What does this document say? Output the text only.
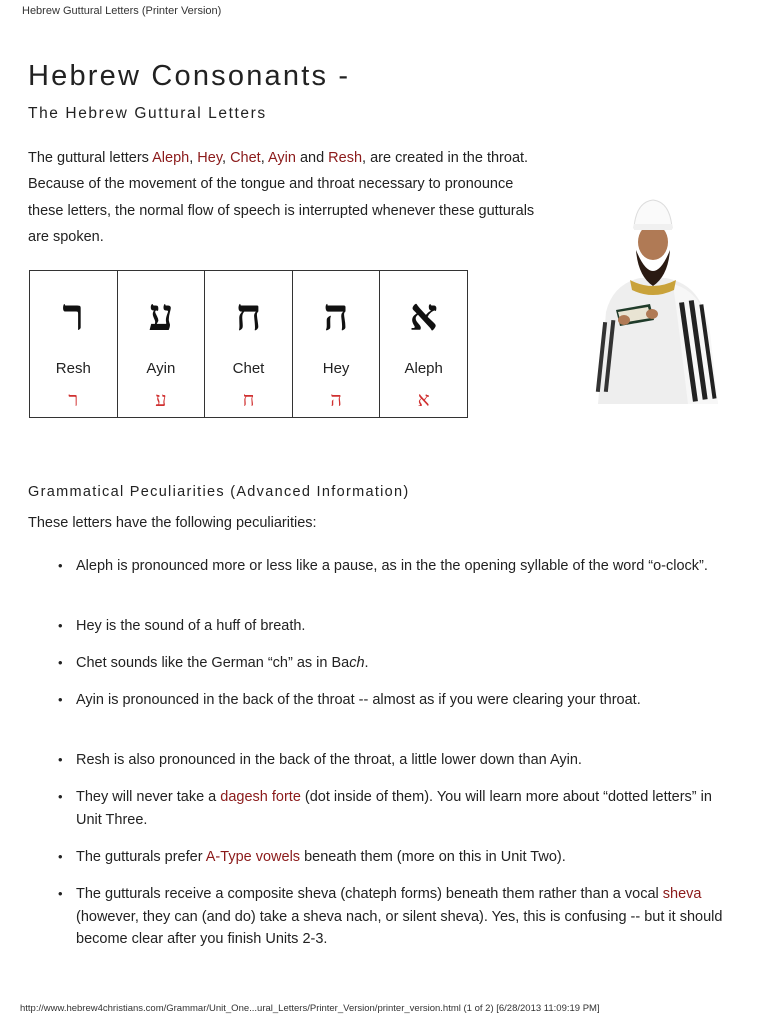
Hebrew Guttural Letters (Printer Version)
Hebrew Consonants -
The Hebrew Guttural Letters

The guttural letters Aleph, Hey, Chet, Ayin and Resh, are created in the throat. Because of the movement of the tongue and throat necessary to pronounce these letters, the normal flow of speech is interrupted whenever these gutturals are spoken.

ר
Resh
ר
ע
Ayin
ע
ח
Chet
ח
ה
Hey
ה
א
Aleph
א
Grammatical Peculiarities (Advanced Information)

These letters have the following peculiarities:

• Aleph is pronounced more or less like a pause, as in the the opening syllable of the word “o-clock”.
• Hey is the sound of a huff of breath.
• Chet sounds like the German “ch” as in Bach.
• Ayin is pronounced in the back of the throat -- almost as if you were clearing your throat.
• Resh is also pronounced in the back of the throat, a little lower down than Ayin.
• They will never take a dagesh forte (dot inside of them). You will learn more about “dotted letters” in Unit Three.
• The gutturals prefer A-Type vowels beneath them (more on this in Unit Two).
• The gutturals receive a composite sheva (chateph forms) beneath them rather than a vocal sheva (however, they can (and do) take a sheva nach, or silent sheva). Yes, this is confusing -- but it should become clear after you finish Units 2-3.
http://www.hebrew4christians.com/Grammar/Unit_One...ural_Letters/Printer_Version/printer_version.html (1 of 2) [6/28/2013 11:09:19 PM]
